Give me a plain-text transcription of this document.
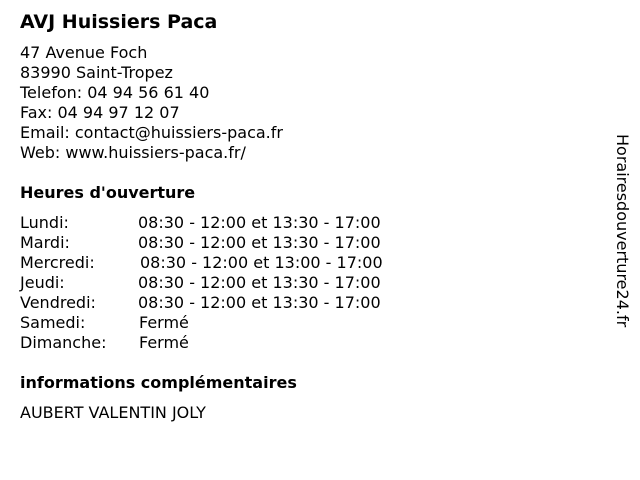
AVJ Huissiers Paca
47 Avenue Foch
83990 Saint-Tropez
Telefon: 04 94 56 61 40
Fax: 04 94 97 12 07
Email: contact@huissiers-paca.fr
Web: www.huissiers-paca.fr/
Heures d'ouverture
Lundi:	08:30 - 12:00 et 13:30 - 17:00
Mardi:	08:30 - 12:00 et 13:30 - 17:00
Mercredi:	08:30 - 12:00 et 13:00 - 17:00
Jeudi:	08:30 - 12:00 et 13:30 - 17:00
Vendredi:	08:30 - 12:00 et 13:30 - 17:00
Samedi:	Fermé
Dimanche: Fermé
informations complémentaires
AUBERT VALENTIN JOLY
Horairesdouverture24.fr
